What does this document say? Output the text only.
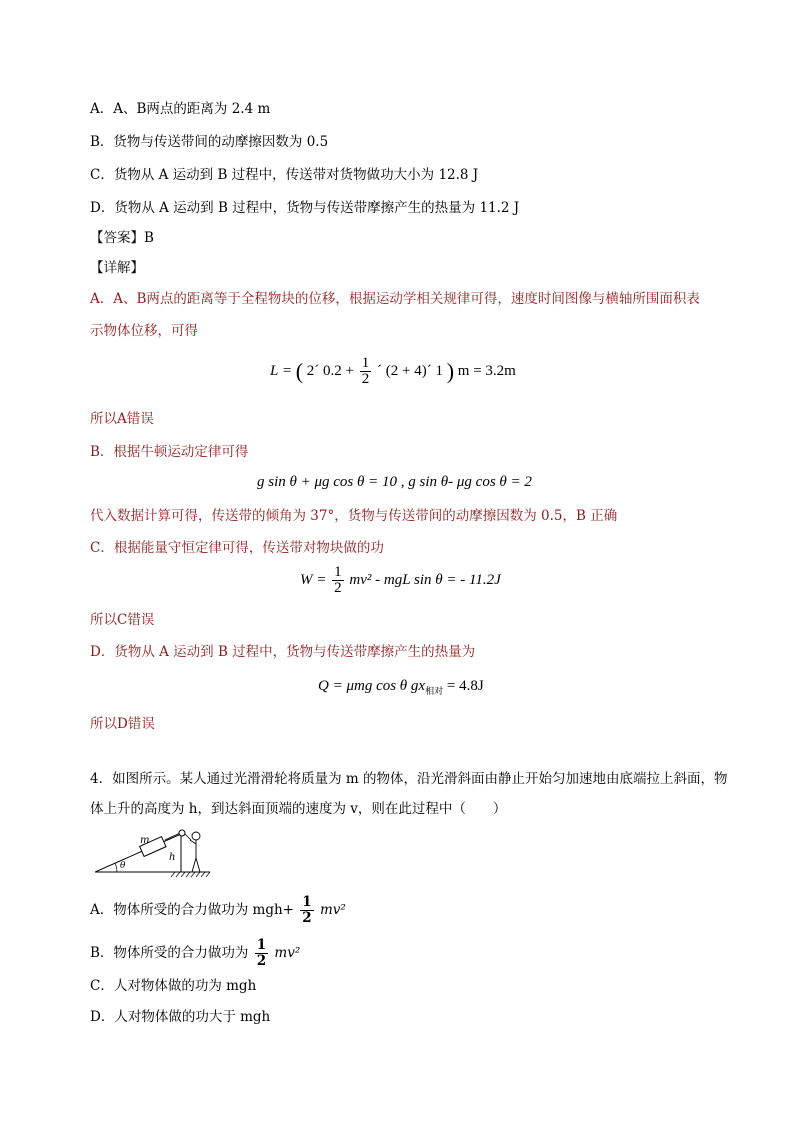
A．A、B两点的距离为 2.4 m
B．货物与传送带间的动摩擦因数为 0.5
C．货物从 A 运动到 B 过程中，传送带对货物做功大小为 12.8 J
D．货物从 A 运动到 B 过程中，货物与传送带摩擦产生的热量为 11.2 J
【答案】B
【详解】
A．A、B两点的距离等于全程物块的位移，根据运动学相关规律可得，速度时间图像与横轴所围面积表
示物体位移，可得
L = ( 2´ $0.2 + \frac{1}{2}$ ´ (2 + 4)´ 1 ) m = 3.2m
所以A错误
B．根据牛顿运动定律可得
g sin θ + μg cos θ = 10 , g sin θ- μg cos θ = 2
代入数据计算可得，传送带的倾角为 37°，货物与传送带间的动摩擦因数为 0.5，B 正确
C．根据能量守恒定律可得，传送带对物块做的功
$W = \frac{1}{2} mv^2$ - mgL sin θ = - 11.2J
所以C错误
D．货物从 A 运动到 B 过程中，货物与传送带摩擦产生的热量为
Q = μmg cos θ $gx_{相对} = 4.8J$
所以D错误
4．如图所示。某人通过光滑滑轮将质量为 m 的物体，沿光滑斜面由静止开始匀加速地由底端拉上斜面，物
体上升的高度为 h，到达斜面顶端的速度为 v，则在此过程中（　　）
m
h
θ
A．物体所受的合力做功为 $mgh+ \frac{1}{2} mv^2$
B．物体所受的合力做功为 $\frac{1}{2} mv^2$
C．人对物体做的功为 mgh
D．人对物体做的功大于 mgh
